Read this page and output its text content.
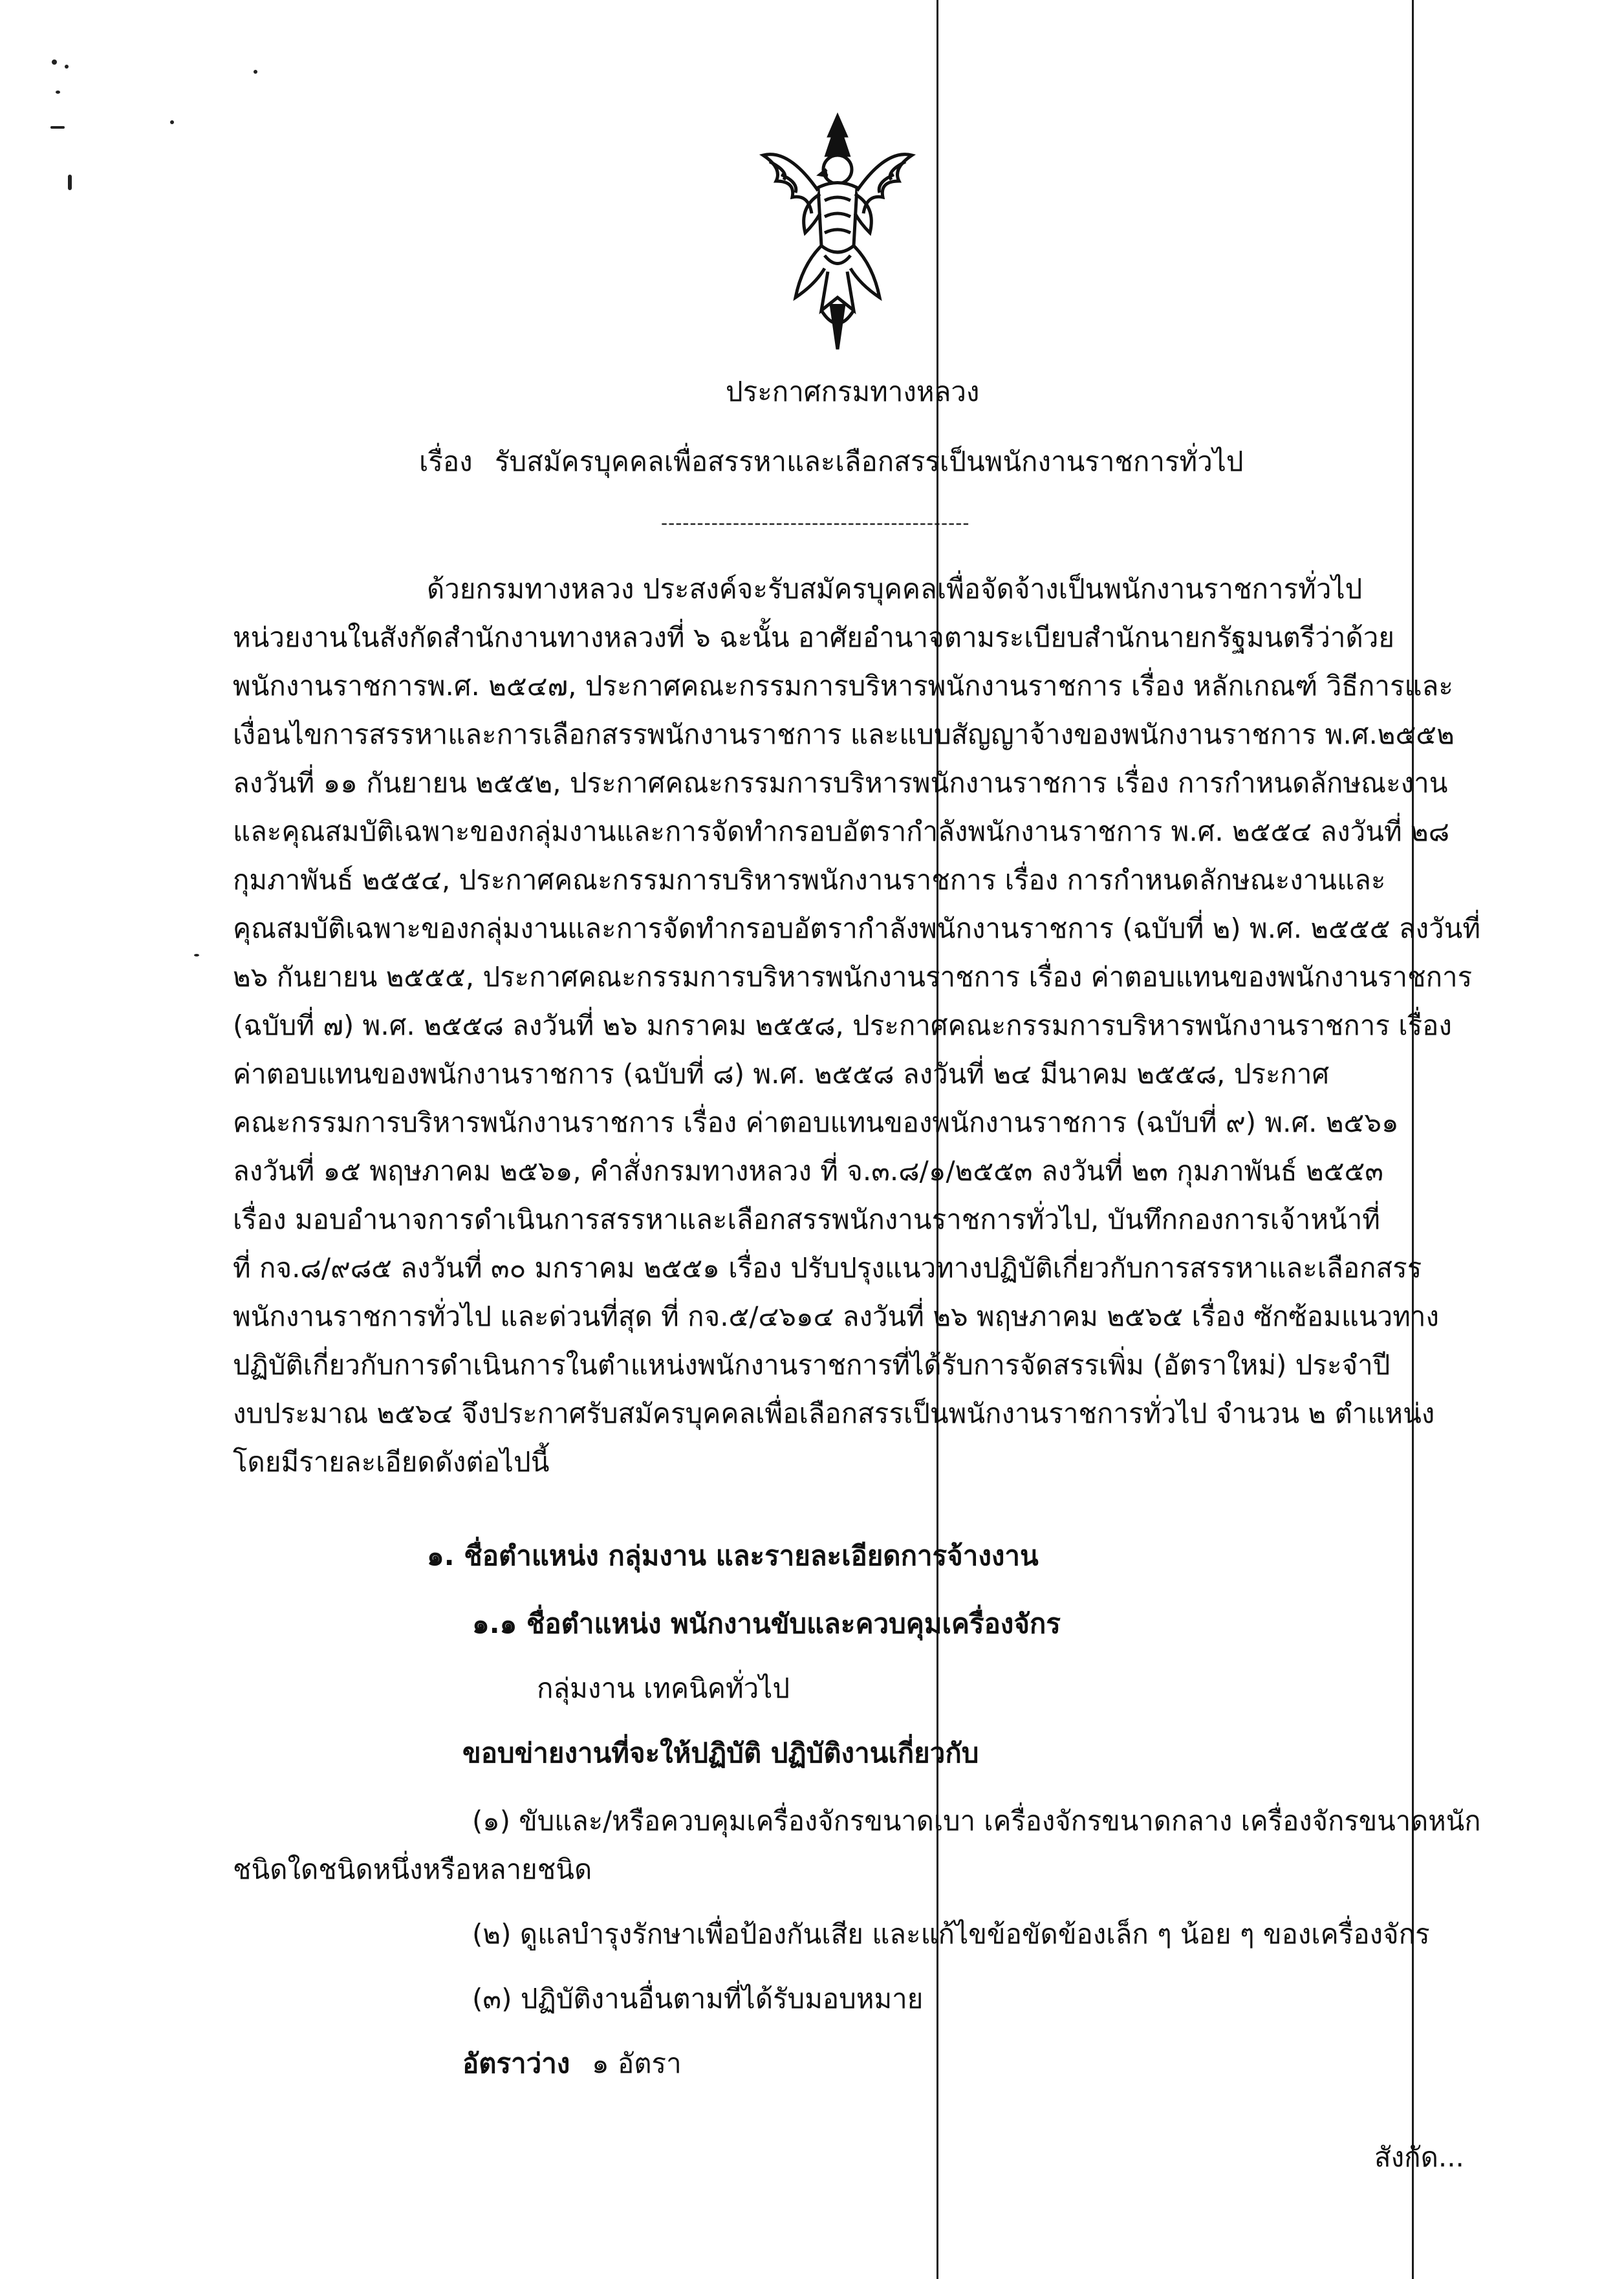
ประกาศกรมทางหลวง
เรื่อง รับสมัครบุคคลเพื่อสรรหาและเลือกสรรเป็นพนักงานราชการทั่วไป
-------------------------------------------
ด้วยกรมทางหลวง ประสงค์จะรับสมัครบุคคลเพื่อจัดจ้างเป็นพนักงานราชการทั่วไป
หน่วยงานในสังกัดสำนักงานทางหลวงที่ ๖ ฉะนั้น อาศัยอำนาจตามระเบียบสำนักนายกรัฐมนตรีว่าด้วย
พนักงานราชการพ.ศ. ๒๕๔๗, ประกาศคณะกรรมการบริหารพนักงานราชการ เรื่อง หลักเกณฑ์ วิธีการและ
เงื่อนไขการสรรหาและการเลือกสรรพนักงานราชการ และแบบสัญญาจ้างของพนักงานราชการ พ.ศ.๒๕๕๒
ลงวันที่ ๑๑ กันยายน ๒๕๕๒, ประกาศคณะกรรมการบริหารพนักงานราชการ เรื่อง การกำหนดลักษณะงาน
และคุณสมบัติเฉพาะของกลุ่มงานและการจัดทำกรอบอัตรากำลังพนักงานราชการ พ.ศ. ๒๕๕๔ ลงวันที่ ๒๘
กุมภาพันธ์ ๒๕๕๔, ประกาศคณะกรรมการบริหารพนักงานราชการ เรื่อง การกำหนดลักษณะงานและ
คุณสมบัติเฉพาะของกลุ่มงานและการจัดทำกรอบอัตรากำลังพนักงานราชการ (ฉบับที่ ๒) พ.ศ. ๒๕๕๕ ลงวันที่
๒๖ กันยายน ๒๕๕๕, ประกาศคณะกรรมการบริหารพนักงานราชการ เรื่อง ค่าตอบแทนของพนักงานราชการ
(ฉบับที่ ๗) พ.ศ. ๒๕๕๘ ลงวันที่ ๒๖ มกราคม ๒๕๕๘, ประกาศคณะกรรมการบริหารพนักงานราชการ เรื่อง
ค่าตอบแทนของพนักงานราชการ (ฉบับที่ ๘) พ.ศ. ๒๕๕๘ ลงวันที่ ๒๔ มีนาคม ๒๕๕๘, ประกาศ
คณะกรรมการบริหารพนักงานราชการ เรื่อง ค่าตอบแทนของพนักงานราชการ (ฉบับที่ ๙) พ.ศ. ๒๕๖๑
ลงวันที่ ๑๕ พฤษภาคม ๒๕๖๑, คำสั่งกรมทางหลวง ที่ จ.๓.๘/๑/๒๕๕๓ ลงวันที่ ๒๓ กุมภาพันธ์ ๒๕๕๓
เรื่อง มอบอำนาจการดำเนินการสรรหาและเลือกสรรพนักงานราชการทั่วไป, บันทึกกองการเจ้าหน้าที่
ที่ กจ.๘/๙๘๕ ลงวันที่ ๓๐ มกราคม ๒๕๕๑ เรื่อง ปรับปรุงแนวทางปฏิบัติเกี่ยวกับการสรรหาและเลือกสรร
พนักงานราชการทั่วไป และด่วนที่สุด ที่ กจ.๕/๔๖๑๔ ลงวันที่ ๒๖ พฤษภาคม ๒๕๖๕ เรื่อง ซักซ้อมแนวทาง
ปฏิบัติเกี่ยวกับการดำเนินการในตำแหน่งพนักงานราชการที่ได้รับการจัดสรรเพิ่ม (อัตราใหม่) ประจำปี
งบประมาณ ๒๕๖๔ จึงประกาศรับสมัครบุคคลเพื่อเลือกสรรเป็นพนักงานราชการทั่วไป จำนวน ๒ ตำแหน่ง
โดยมีรายละเอียดดังต่อไปนี้
๑. ชื่อตำแหน่ง กลุ่มงาน และรายละเอียดการจ้างงาน
๑.๑ ชื่อตำแหน่ง พนักงานขับและควบคุมเครื่องจักร
กลุ่มงาน เทคนิคทั่วไป
ขอบข่ายงานที่จะให้ปฏิบัติ ปฏิบัติงานเกี่ยวกับ
(๑) ขับและ/หรือควบคุมเครื่องจักรขนาดเบา เครื่องจักรขนาดกลาง เครื่องจักรขนาดหนัก
ชนิดใดชนิดหนึ่งหรือหลายชนิด
(๒) ดูแลบำรุงรักษาเพื่อป้องกันเสีย และแก้ไขข้อขัดข้องเล็ก ๆ น้อย ๆ ของเครื่องจักร
(๓) ปฏิบัติงานอื่นตามที่ได้รับมอบหมาย
อัตราว่าง ๑ อัตรา
สังกัด...
